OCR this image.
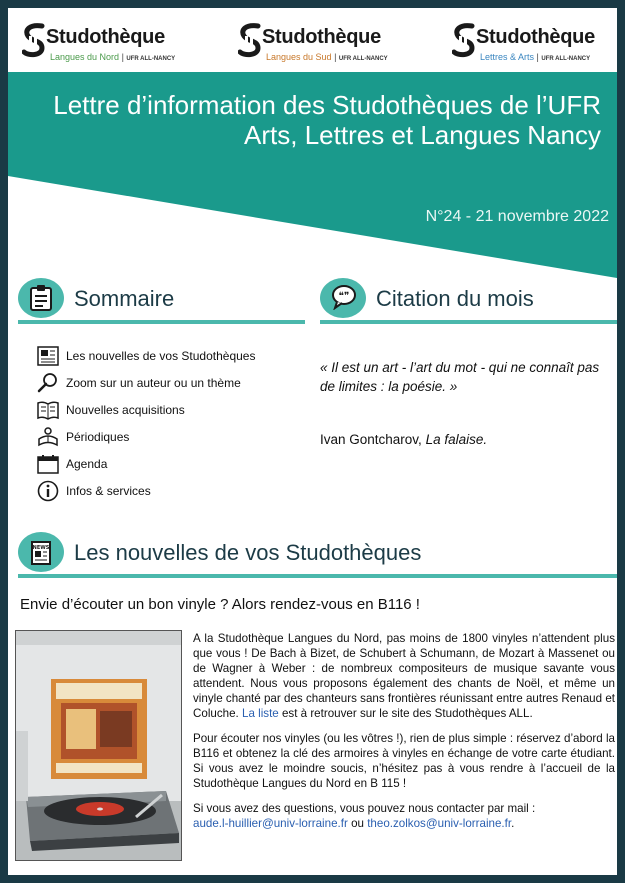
Studothèque
Langues du Nord | UFR ALL-NANCY
Studothèque
Langues du Sud | UFR ALL-NANCY
Studothèque
Lettres & Arts | UFR ALL-NANCY
Lettre d’information des Studothèques de l’UFR Arts, Lettres et Langues Nancy
N°24 - 21 novembre 2022
Sommaire	❝❞ Citation du mois
Les nouvelles de vos Studothèques
Zoom sur un auteur ou un thème
Nouvelles acquisitions
Périodiques
Agenda
Infos & services
« Il est un art - l’art du mot - qui ne connaît pas de limites : la poésie. »
Ivan Gontcharov, La falaise.
NEWS Les nouvelles de vos Studothèques
Envie d’écouter un bon vinyle ? Alors rendez-vous en B116 !

A la Studothèque Langues du Nord, pas moins de 1800 vinyles n’attendent plus que vous ! De Bach à Bizet, de Schubert à Schumann, de Mozart à Massenet ou de Wagner à Weber : de nombreux compositeurs de musique savante vous attendent. Nous vous proposons également des chants de Noël, et même un vinyle chanté par des chanteurs sans frontières réunissant entre autres Renaud et Coluche. La liste est à retrouver sur le site des Studothèques ALL.

Pour écouter nos vinyles (ou les vôtres !), rien de plus simple : réservez d’abord la B116 et obtenez la clé des armoires à vinyles en échange de votre carte étudiant. Si vous avez le moindre soucis, n’hésitez pas à vous rendre à l’accueil de la Studothèque Langues du Nord en B 115 !

Si vous avez des questions, vous pouvez nous contacter par mail :
aude.l-huillier@univ-lorraine.fr ou theo.zolkos@univ-lorraine.fr.
